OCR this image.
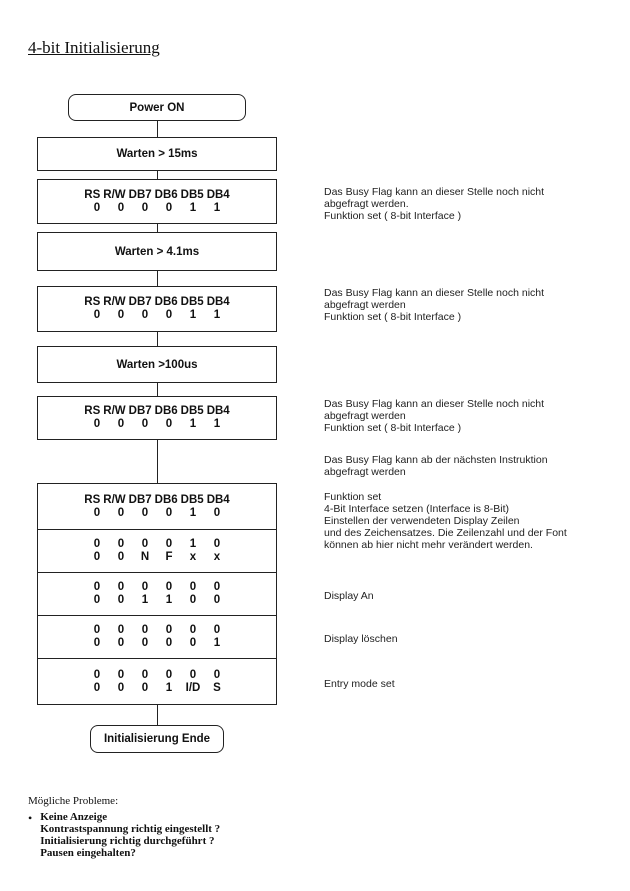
4-bit Initialisierung
Power ON
Warten > 15ms
RS R/W DB7 DB6 DB5 DB4
0	0	0	0	1	1
Warten > 4.1ms
RS R/W DB7 DB6 DB5 DB4
0	0	0	0	1	1
Warten >100us
RS R/W DB7 DB6 DB5 DB4
0	0	0	0	1	1
RS R/W DB7 DB6 DB5 DB4
0	0	0	0	1	0
0	0	0	0	1	0
0	0	N	F	x	x
0	0	0	0	0	0
0	0	1	1	0	0
0	0	0	0	0	0
0	0	0	0	0	1
0	0	0	0	0	0
0	0	0	1	I/D	S
Initialisierung Ende
Das Busy Flag kann an dieser Stelle noch nicht
abgefragt werden.
Funktion set ( 8-bit Interface )
Das Busy Flag kann an dieser Stelle noch nicht
abgefragt werden
Funktion set ( 8-bit Interface )
Das Busy Flag kann an dieser Stelle noch nicht
abgefragt werden
Funktion set ( 8-bit Interface )
Das Busy Flag kann ab der nächsten Instruktion
abgefragt werden
Funktion set
4-Bit Interface setzen (Interface is 8-Bit)
Einstellen der verwendeten Display Zeilen
und des Zeichensatzes. Die Zeilenzahl und der Font
können ab hier nicht mehr verändert werden.
Display An
Display löschen
Entry mode set
Mögliche Probleme:
• Keine Anzeige
Kontrastspannung richtig eingestellt ?
Initialisierung richtig durchgeführt ?
Pausen eingehalten?
